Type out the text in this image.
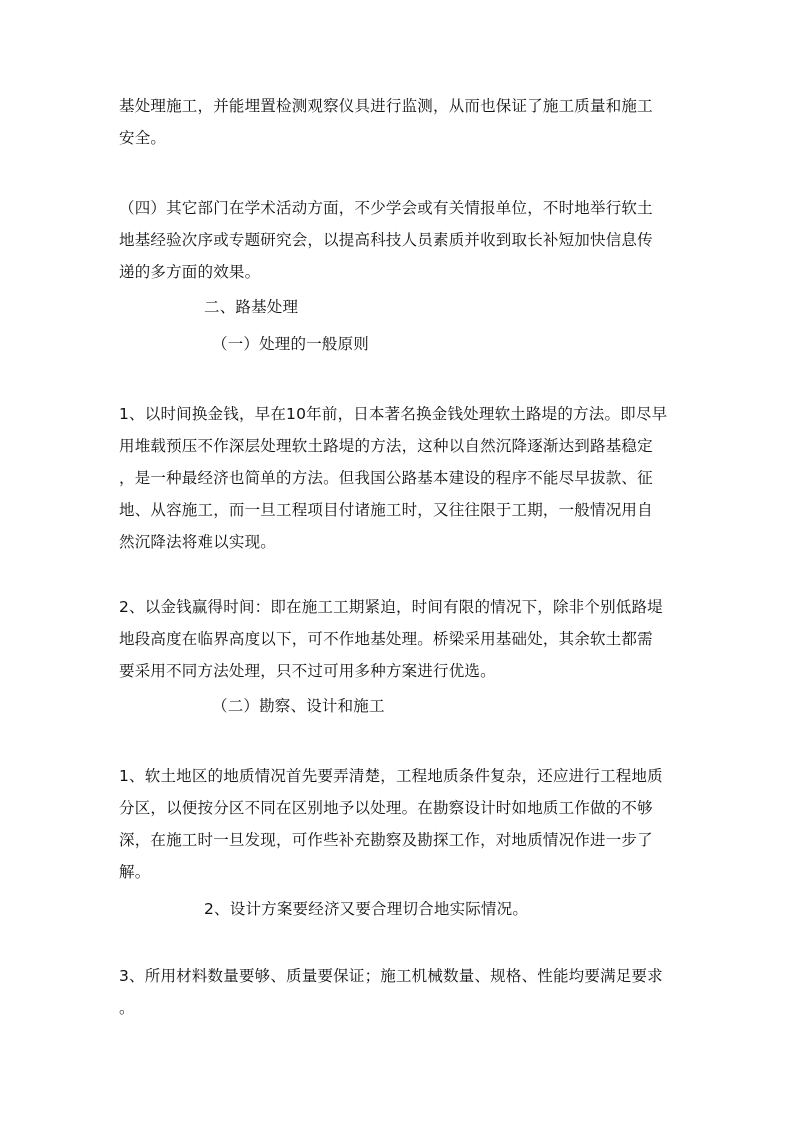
基处理施工，并能埋置检测观察仪具进行监测，从而也保证了施工质量和施工
安全。
（四）其它部门在学术活动方面，不少学会或有关情报单位，不时地举行软土
地基经验次序或专题研究会，以提高科技人员素质并收到取长补短加快信息传
递的多方面的效果。
二、路基处理
（一）处理的一般原则
1、以时间换金钱，早在10年前，日本著名换金钱处理软土路堤的方法。即尽早
用堆载预压不作深层处理软土路堤的方法，这种以自然沉降逐渐达到路基稳定
，是一种最经济也简单的方法。但我国公路基本建设的程序不能尽早拔款、征
地、从容施工，而一旦工程项目付诸施工时，又往往限于工期，一般情况用自
然沉降法将难以实现。
2、以金钱赢得时间：即在施工工期紧迫，时间有限的情况下，除非个别低路堤
地段高度在临界高度以下，可不作地基处理。桥梁采用基础处，其余软土都需
要采用不同方法处理，只不过可用多种方案进行优选。
（二）勘察、设计和施工
1、软土地区的地质情况首先要弄清楚，工程地质条件复杂，还应进行工程地质
分区，以便按分区不同在区别地予以处理。在勘察设计时如地质工作做的不够
深，在施工时一旦发现，可作些补充勘察及勘探工作，对地质情况作进一步了
解。
2、设计方案要经济又要合理切合地实际情况。
3、所用材料数量要够、质量要保证；施工机械数量、规格、性能均要满足要求
。
